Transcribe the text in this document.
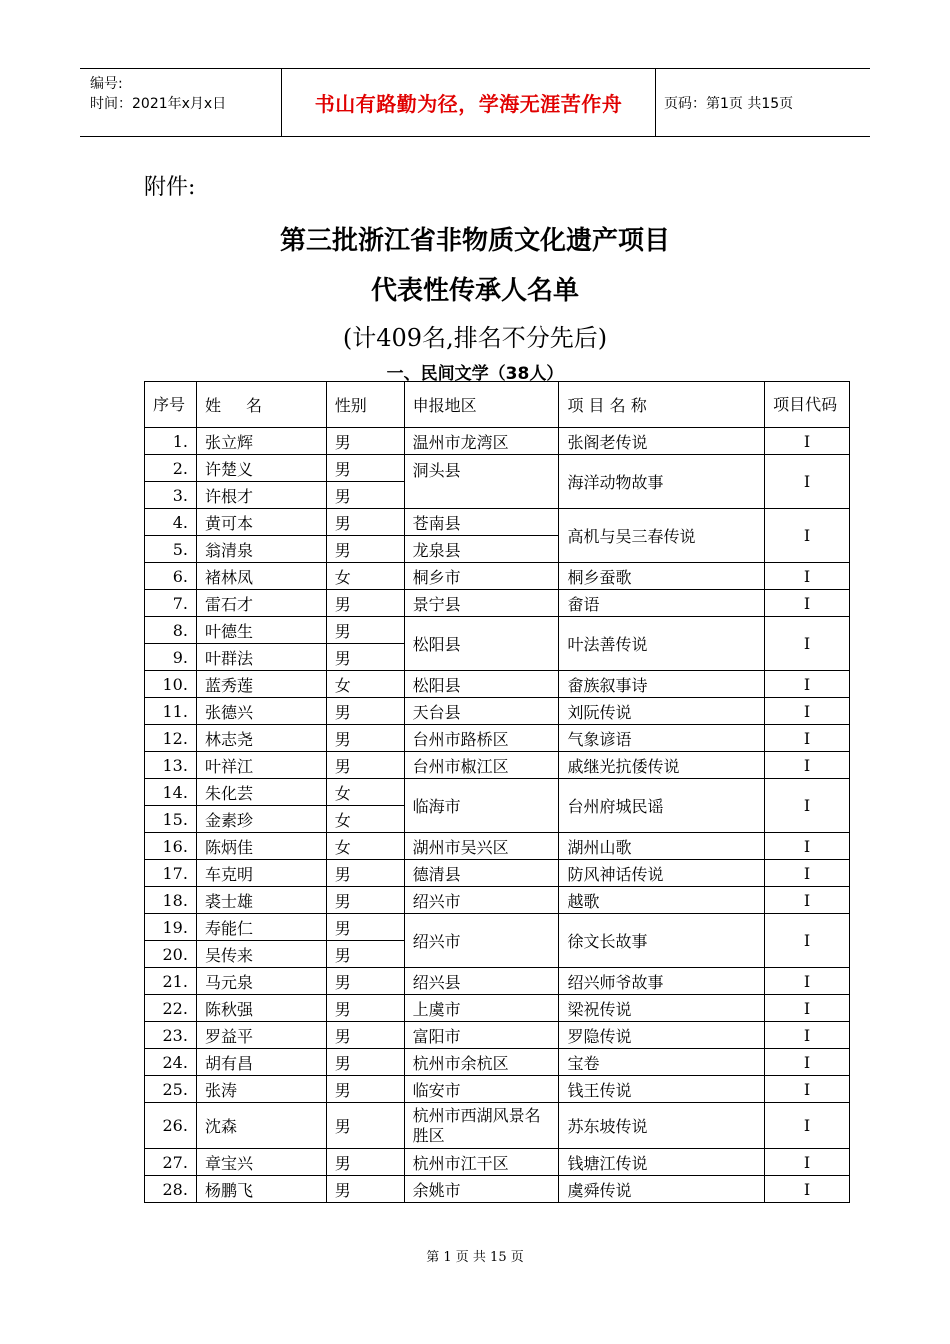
编号:
时间：2021年x月x日	书山有路勤为径，学海无涯苦作舟	页码：第1页 共15页
附件:
第三批浙江省非物质文化遗产项目
代表性传承人名单
(计409名,排名不分先后)
一、民间文学（38人）
序号	姓 名	性别	申报地区	项 目 名 称	项目代码
1.	张立辉	男	温州市龙湾区	张阁老传说	I
2.	许楚义	男	洞头县	海洋动物故事	I
3.	许根才	男			
4.	黄可本	男	苍南县	高机与吴三春传说	I
5.	翁清泉	男	龙泉县		
6.	褚林凤	女	桐乡市	桐乡蚕歌	I
7.	雷石才	男	景宁县	畲语	I
8.	叶德生	男	松阳县	叶法善传说	I
9.	叶群法	男			
10.	蓝秀莲	女	松阳县	畲族叙事诗	I
11.	张德兴	男	天台县	刘阮传说	I
12.	林志尧	男	台州市路桥区	气象谚语	I
13.	叶祥江	男	台州市椒江区	戚继光抗倭传说	I
14.	朱化芸	女	临海市	台州府城民谣	I
15.	金素珍	女			
16.	陈炳佳	女	湖州市吴兴区	湖州山歌	I
17.	车克明	男	德清县	防风神话传说	I
18.	裘士雄	男	绍兴市	越歌	I
19.	寿能仁	男	绍兴市	徐文长故事	I
20.	吴传来	男			
21.	马元泉	男	绍兴县	绍兴师爷故事	I
22.	陈秋强	男	上虞市	梁祝传说	I
23.	罗益平	男	富阳市	罗隐传说	I
24.	胡有昌	男	杭州市余杭区	宝卷	I
25.	张涛	男	临安市	钱王传说	I
26.	沈森	男	杭州市西湖风景名胜区	苏东坡传说	I
27.	章宝兴	男	杭州市江干区	钱塘江传说	I
28.	杨鹏飞	男	余姚市	虞舜传说	I
第 1 页 共 15 页
